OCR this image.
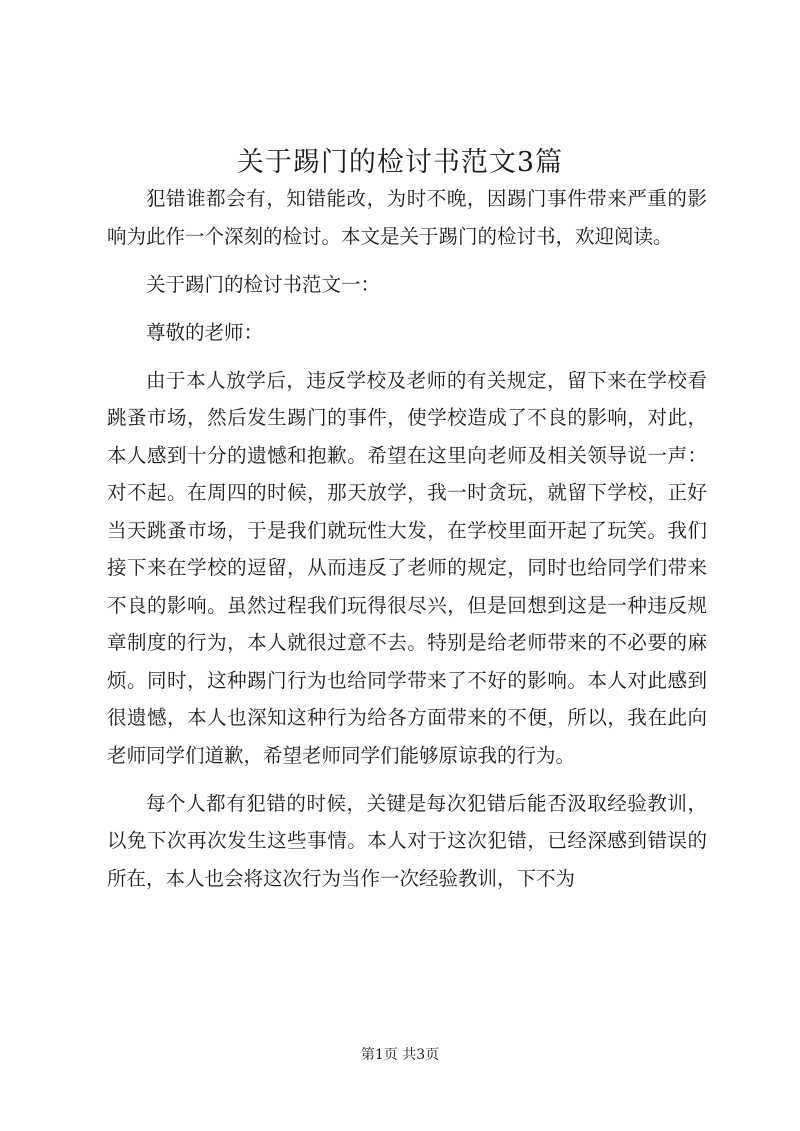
关于踢门的检讨书范文3篇

犯错谁都会有，知错能改，为时不晚，因踢门事件带来严重的影响为此作一个深刻的检讨。本文是关于踢门的检讨书，欢迎阅读。

关于踢门的检讨书范文一：

尊敬的老师：

由于本人放学后，违反学校及老师的有关规定，留下来在学校看跳蚤市场，然后发生踢门的事件，使学校造成了不良的影响，对此，本人感到十分的遗憾和抱歉。希望在这里向老师及相关领导说一声：对不起。在周四的时候，那天放学，我一时贪玩，就留下学校，正好当天跳蚤市场，于是我们就玩性大发，在学校里面开起了玩笑。我们接下来在学校的逗留，从而违反了老师的规定，同时也给同学们带来不良的影响。虽然过程我们玩得很尽兴，但是回想到这是一种违反规章制度的行为，本人就很过意不去。特别是给老师带来的不必要的麻烦。同时，这种踢门行为也给同学带来了不好的影响。本人对此感到很遗憾，本人也深知这种行为给各方面带来的不便，所以，我在此向老师同学们道歉，希望老师同学们能够原谅我的行为。

每个人都有犯错的时候，关键是每次犯错后能否汲取经验教训，以免下次再次发生这些事情。本人对于这次犯错，已经深感到错误的所在，本人也会将这次行为当作一次经验教训，下不为

第1页 共3页
